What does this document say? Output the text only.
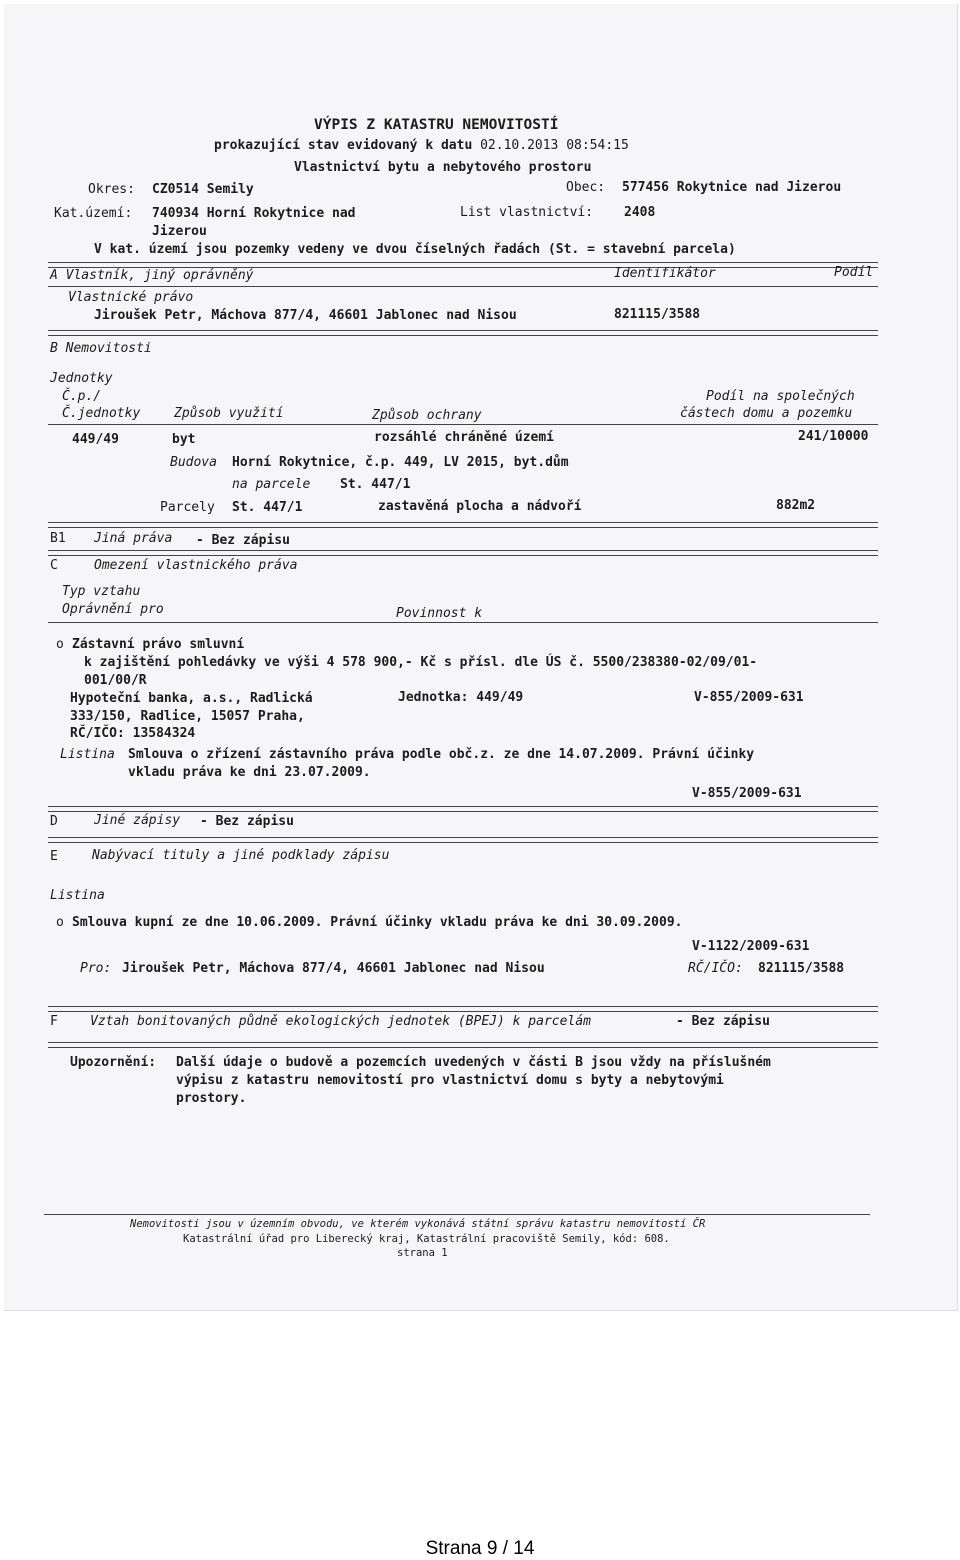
VÝPIS Z KATASTRU NEMOVITOSTÍ
prokazující stav evidovaný k datu 02.10.2013 08:54:15
Vlastnictví bytu a nebytového prostoru
Okres: CZ0514 Semily	Obec: 577456 Rokytnice nad Jizerou
Kat.území: 740934 Horní Rokytnice nad
Jizerou
List vlastnictví: 2408
V kat. území jsou pozemky vedeny ve dvou číselných řadách (St. = stavební parcela)
A Vlastník, jiný oprávněný	Identifikátor	Podíl
Vlastnické právo
Jiroušek Petr, Máchova 877/4, 46601 Jablonec nad Nisou	821115/3588
B Nemovitosti
Jednotky
Č.p./
Č.jednotky	Způsob využití	Způsob ochrany
Podíl na společných
částech domu a pozemku
449/49	byt	rozsáhlé chráněné území	241/10000
Budova Horní Rokytnice, č.p. 449, LV 2015, byt.dům
na parcele St. 447/1
Parcely St. 447/1	zastavěná plocha a nádvoří	882m2
B1 Jiná práva - Bez zápisu
C	Omezení vlastnického práva
Typ vztahu
Oprávnění pro	Povinnost k
o Zástavní právo smluvní
k zajištění pohledávky ve výši 4 578 900,- Kč s přísl. dle ÚS č. 5500/238380-02/09/01-
001/00/R
Hypoteční banka, a.s., Radlická
333/150, Radlice, 15057 Praha,
RČ/IČO: 13584324
Jednotka: 449/49	V-855/2009-631
Listina Smlouva o zřízení zástavního práva podle obč.z. ze dne 14.07.2009. Právní účinky
vkladu práva ke dni 23.07.2009.
V-855/2009-631
D	Jiné zápisy - Bez zápisu
E	Nabývací tituly a jiné podklady zápisu
Listina
o Smlouva kupní ze dne 10.06.2009. Právní účinky vkladu práva ke dni 30.09.2009.
V-1122/2009-631
Pro: Jiroušek Petr, Máchova 877/4, 46601 Jablonec nad Nisou	RČ/IČO: 821115/3588
F Vztah bonitovaných půdně ekologických jednotek (BPEJ) k parcelám	- Bez zápisu
Upozornění: Další údaje o budově a pozemcích uvedených v části B jsou vždy na příslušném
výpisu z katastru nemovitostí pro vlastnictví domu s byty a nebytovými
prostory.
Nemovitosti jsou v územním obvodu, ve kterém vykonává státní správu katastru nemovitostí ČR
Katastrální úřad pro Liberecký kraj, Katastrální pracoviště Semily, kód: 608.
strana 1
Strana 9 / 14
